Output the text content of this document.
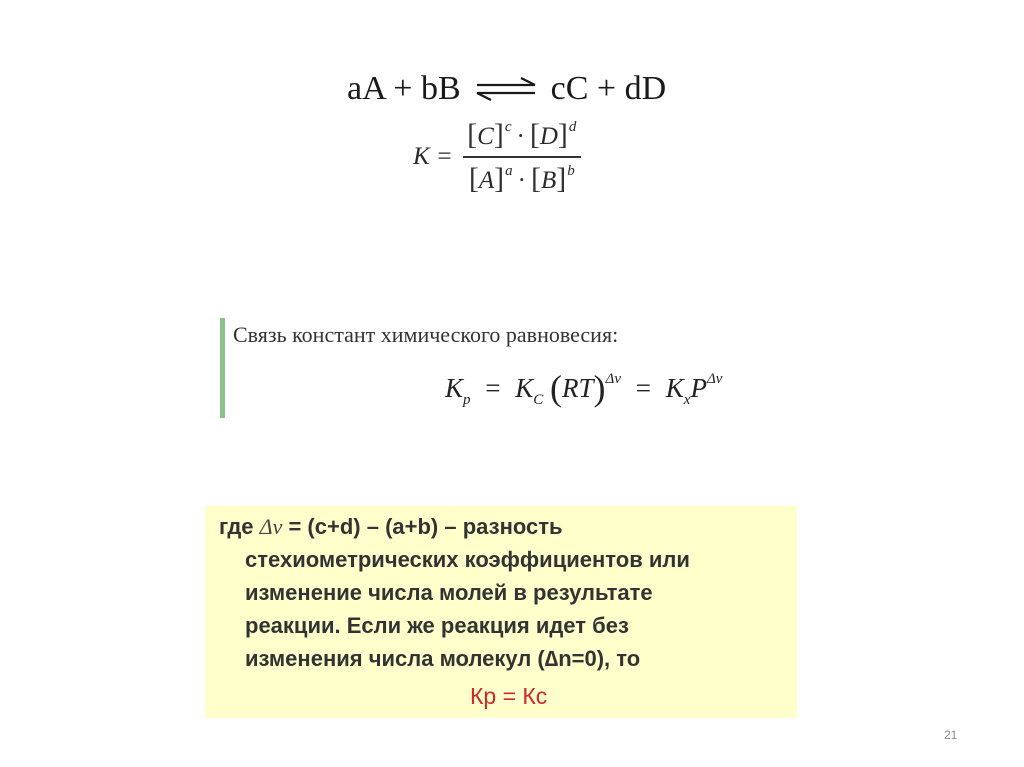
aA + bB ⇌ cC + dD
$K = \frac{[ C ] c \cdot [ D ] d}{[ A ] a \cdot [ B ] b}$
Связь констант химического равновесия:
$K_p = K_C$ $(RT)^{\Delta\nu} = K_xP^{\Delta\nu}$
где Δν = (c+d) – (a+b) – разность
стехиометрических коэффициентов или
изменение числа молей в результате
реакции. Если же реакция идет без
изменения числа молекул (∆n=0), то
Кр = Кс
21
